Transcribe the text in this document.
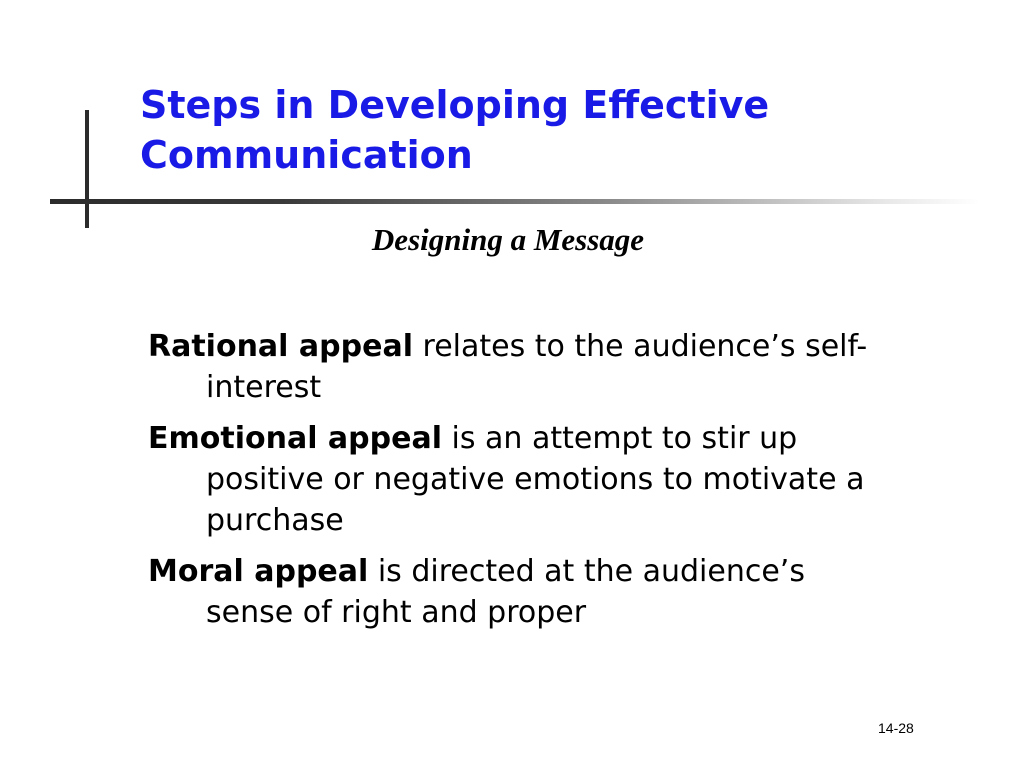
Steps in Developing Effective Communication
Designing a Message
Rational appeal relates to the audience’s self-interest
Emotional appeal is an attempt to stir up positive or negative emotions to motivate a purchase
Moral appeal is directed at the audience’s sense of right and proper
14-28
